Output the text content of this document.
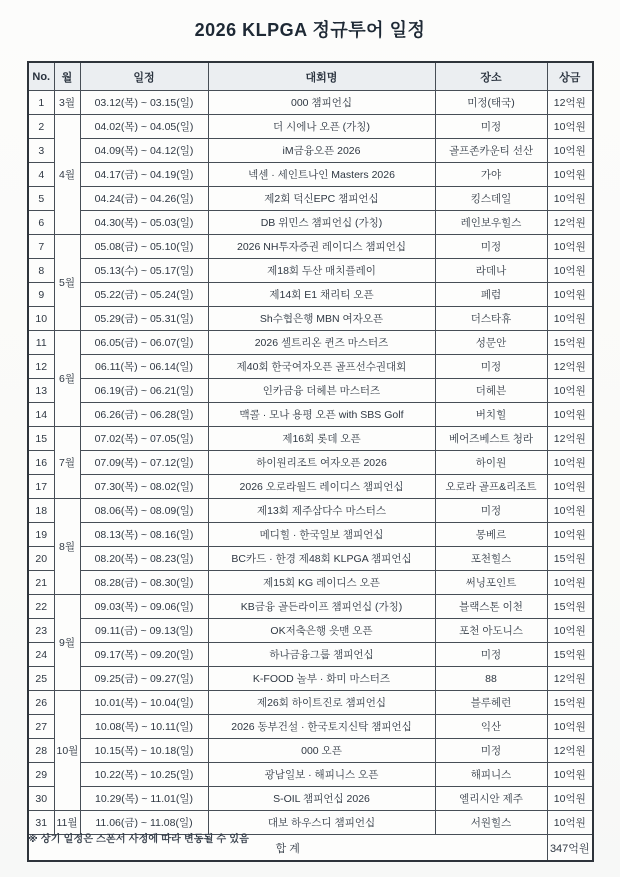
2026 KLPGA 정규투어 일정
No.	월	일정	대회명	장소	상금
1	3월	03.12(목) ~ 03.15(일)	000 챔피언십	미정(태국)	12억원
2	4월	04.02(목) ~ 04.05(일)	더 시에나 오픈 (가칭)	미정	10억원
3		04.09(목) ~ 04.12(일)	iM금융오픈 2026	골프존카운티 선산	10억원
4		04.17(금) ~ 04.19(일)	넥센 · 세인트나인 Masters 2026	가야	10억원
5		04.24(금) ~ 04.26(일)	제2회 덕신EPC 챔피언십	킹스데일	10억원
6		04.30(목) ~ 05.03(일)	DB 위민스 챔피언십 (가칭)	레인보우힐스	12억원
7	5월	05.08(금) ~ 05.10(일)	2026 NH투자증권 레이디스 챔피언십	미정	10억원
8		05.13(수) ~ 05.17(일)	제18회 두산 매치플레이	라데나	10억원
9		05.22(금) ~ 05.24(일)	제14회 E1 채리티 오픈	페럼	10억원
10		05.29(금) ~ 05.31(일)	Sh수협은행 MBN 여자오픈	더스타휴	10억원
11	6월	06.05(금) ~ 06.07(일)	2026 셀트리온 퀸즈 마스터즈	성문안	15억원
12		06.11(목) ~ 06.14(일)	제40회 한국여자오픈 골프선수권대회	미정	12억원
13		06.19(금) ~ 06.21(일)	인카금융 더헤븐 마스터즈	더헤븐	10억원
14		06.26(금) ~ 06.28(일)	맥콜 · 모나 용평 오픈 with SBS Golf	버치힐	10억원
15	7월	07.02(목) ~ 07.05(일)	제16회 롯데 오픈	베어즈베스트 청라	12억원
16		07.09(목) ~ 07.12(일)	하이원리조트 여자오픈 2026	하이원	10억원
17		07.30(목) ~ 08.02(일)	2026 오로라월드 레이디스 챔피언십	오로라 골프&리조트	10억원
18	8월	08.06(목) ~ 08.09(일)	제13회 제주삼다수 마스터스	미정	10억원
19		08.13(목) ~ 08.16(일)	메디힐 · 한국일보 챔피언십	몽베르	10억원
20		08.20(목) ~ 08.23(일)	BC카드 · 한경 제48회 KLPGA 챔피언십	포천힐스	15억원
21		08.28(금) ~ 08.30(일)	제15회 KG 레이디스 오픈	써닝포인트	10억원
22	9월	09.03(목) ~ 09.06(일)	KB금융 골든라이프 챔피언십 (가칭)	블랙스톤 이천	15억원
23		09.11(금) ~ 09.13(일)	OK저축은행 읏맨 오픈	포천 아도니스	10억원
24		09.17(목) ~ 09.20(일)	하나금융그룹 챔피언십	미정	15억원
25		09.25(금) ~ 09.27(일)	K-FOOD 놀부 · 화미 마스터즈	88	12억원
26	10월	10.01(목) ~ 10.04(일)	제26회 하이트진로 챔피언십	블루헤런	15억원
27		10.08(목) ~ 10.11(일)	2026 동부건설 · 한국토지신탁 챔피언십	익산	10억원
28		10.15(목) ~ 10.18(일)	000 오픈	미정	12억원
29		10.22(목) ~ 10.25(일)	광남일보 · 해피니스 오픈	해피니스	10억원
30		10.29(목) ~ 11.01(일)	S-OIL 챔피언십 2026	엘리시안 제주	10억원
31	11월	11.06(금) ~ 11.08(일)	대보 하우스디 챔피언십	서원힐스	10억원
합 계					347억원
※ 상기 일정은 스폰서 사정에 따라 변동될 수 있음
